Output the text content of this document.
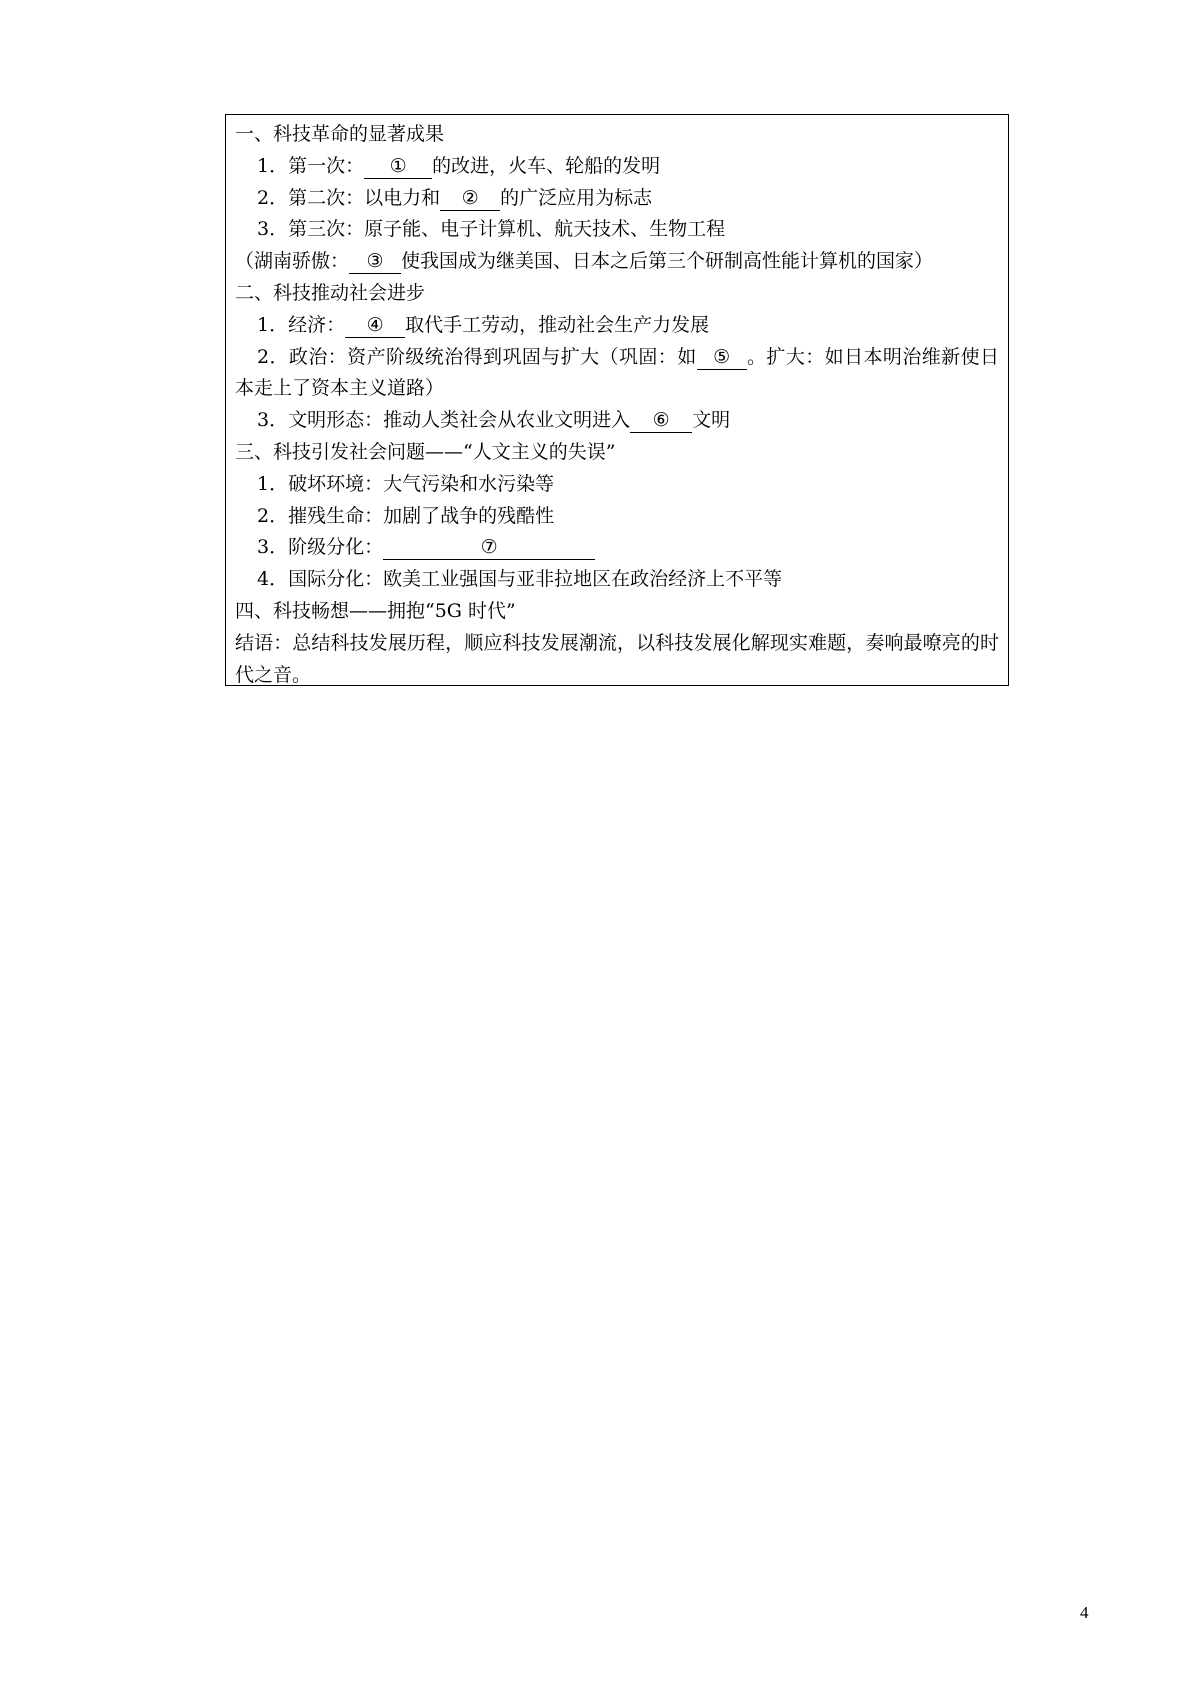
一、科技革命的显著成果
1．第一次： ① 的改进，火车、轮船的发明
2．第二次：以电力和 ② 的广泛应用为标志
3．第三次：原子能、电子计算机、航天技术、生物工程
（湖南骄傲： ③ 使我国成为继美国、日本之后第三个研制高性能计算机的国家）
二、科技推动社会进步
1．经济： ④ 取代手工劳动，推动社会生产力发展
2．政治：资产阶级统治得到巩固与扩大（巩固：如 ⑤ 。扩大：如日本明治维新使日本走上了资本主义道路）
3．文明形态：推动人类社会从农业文明进入 ⑥ 文明
三、科技引发社会问题——“人文主义的失误”
1．破坏环境：大气污染和水污染等
2．摧残生命：加剧了战争的残酷性
3．阶级分化：	⑦
4．国际分化：欧美工业强国与亚非拉地区在政治经济上不平等
四、科技畅想——拥抱“5G 时代”
结语：总结科技发展历程，顺应科技发展潮流，以科技发展化解现实难题，奏响最嘹亮的时代之音。
4
